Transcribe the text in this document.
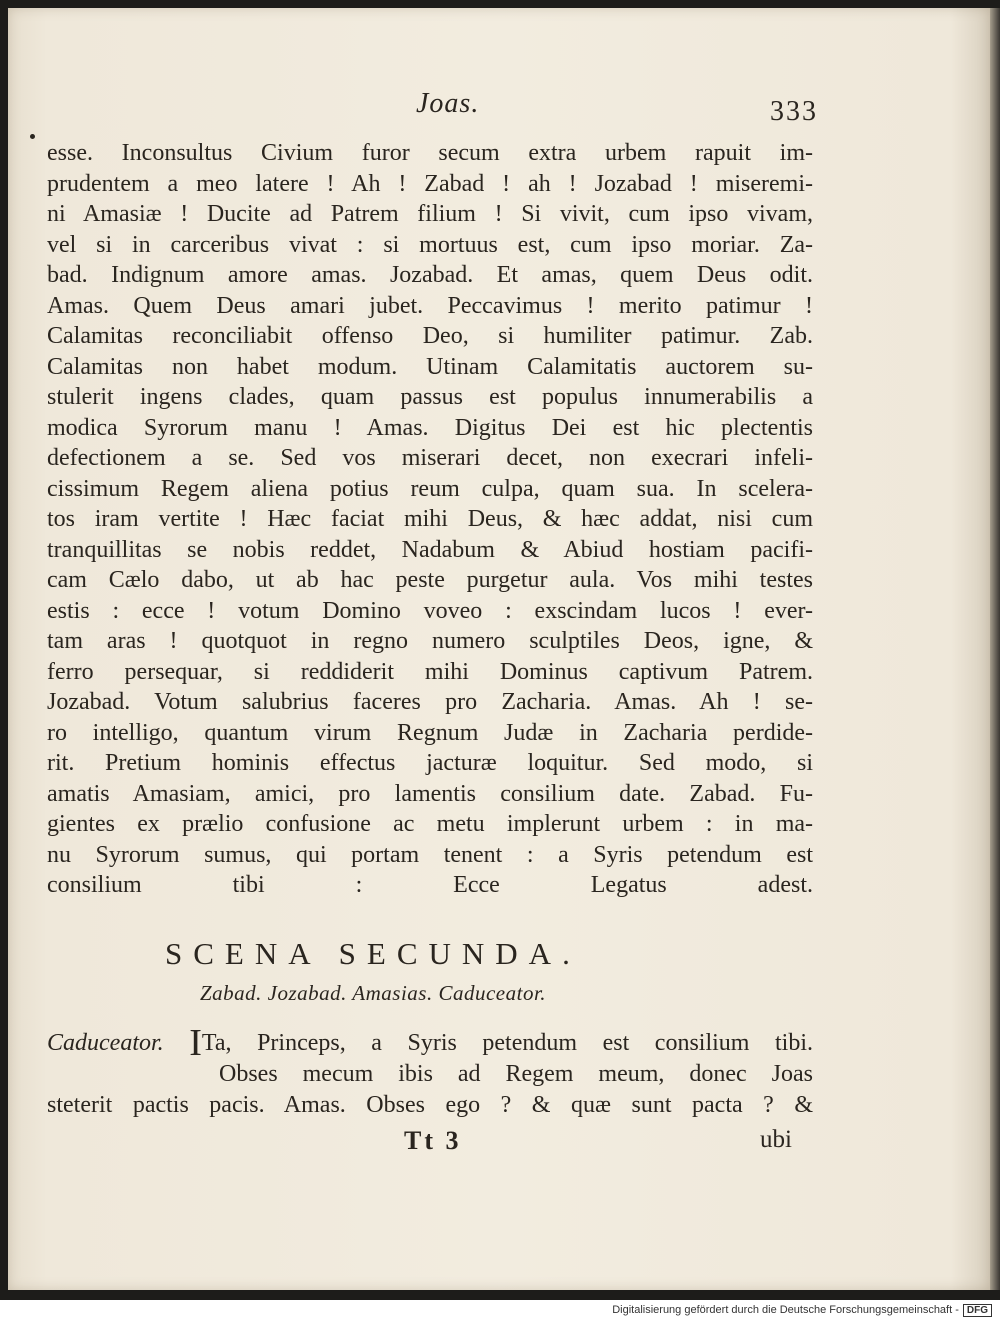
Joas.	333
esse. Inconsultus Civium furor secum extra urbem rapuit im-
prudentem a meo latere ! Ah ! Zabad ! ah ! Jozabad ! miseremi-
ni Amasiæ ! Ducite ad Patrem filium ! Si vivit, cum ipso vivam,
vel si in carceribus vivat : si mortuus est, cum ipso moriar. Za-
bad. Indignum amore amas. Jozabad. Et amas, quem Deus odit.
Amas. Quem Deus amari jubet. Peccavimus ! merito patimur !
Calamitas reconciliabit offenso Deo, si humiliter patimur. Zab.
Calamitas non habet modum. Utinam Calamitatis auctorem su-
stulerit ingens clades, quam passus est populus innumerabilis a
modica Syrorum manu ! Amas. Digitus Dei est hic plectentis
defectionem a se. Sed vos miserari decet, non execrari infeli-
cissimum Regem aliena potius reum culpa, quam sua. In scelera-
tos iram vertite ! Hæc faciat mihi Deus, & hæc addat, nisi cum
tranquillitas se nobis reddet, Nadabum & Abiud hostiam pacifi-
cam Cælo dabo, ut ab hac peste purgetur aula. Vos mihi testes
estis : ecce ! votum Domino voveo : exscindam lucos ! ever-
tam aras ! quotquot in regno numero sculptiles Deos, igne, &
ferro persequar, si reddiderit mihi Dominus captivum Patrem.
Jozabad. Votum salubrius faceres pro Zacharia. Amas. Ah ! se-
ro intelligo, quantum virum Regnum Judæ in Zacharia perdide-
rit. Pretium hominis effectus jacturæ loquitur. Sed modo, si
amatis Amasiam, amici, pro lamentis consilium date. Zabad. Fu-
gientes ex prælio confusione ac metu implerunt urbem : in ma-
nu Syrorum sumus, qui portam tenent : a Syris petendum est
consilium tibi : Ecce Legatus adest.
SCENA SECUNDA.
Zabad. Jozabad. Amasias. Caduceator.
Caduceator. ITa, Princeps, a Syris petendum est consilium tibi.
Obses mecum ibis ad Regem meum, donec Joas
steterit pactis pacis. Amas. Obses ego ? & quæ sunt pacta ? &
Tt 3	ubi
Digitalisierung gefördert durch die Deutsche Forschungsgemeinschaft - DFG
